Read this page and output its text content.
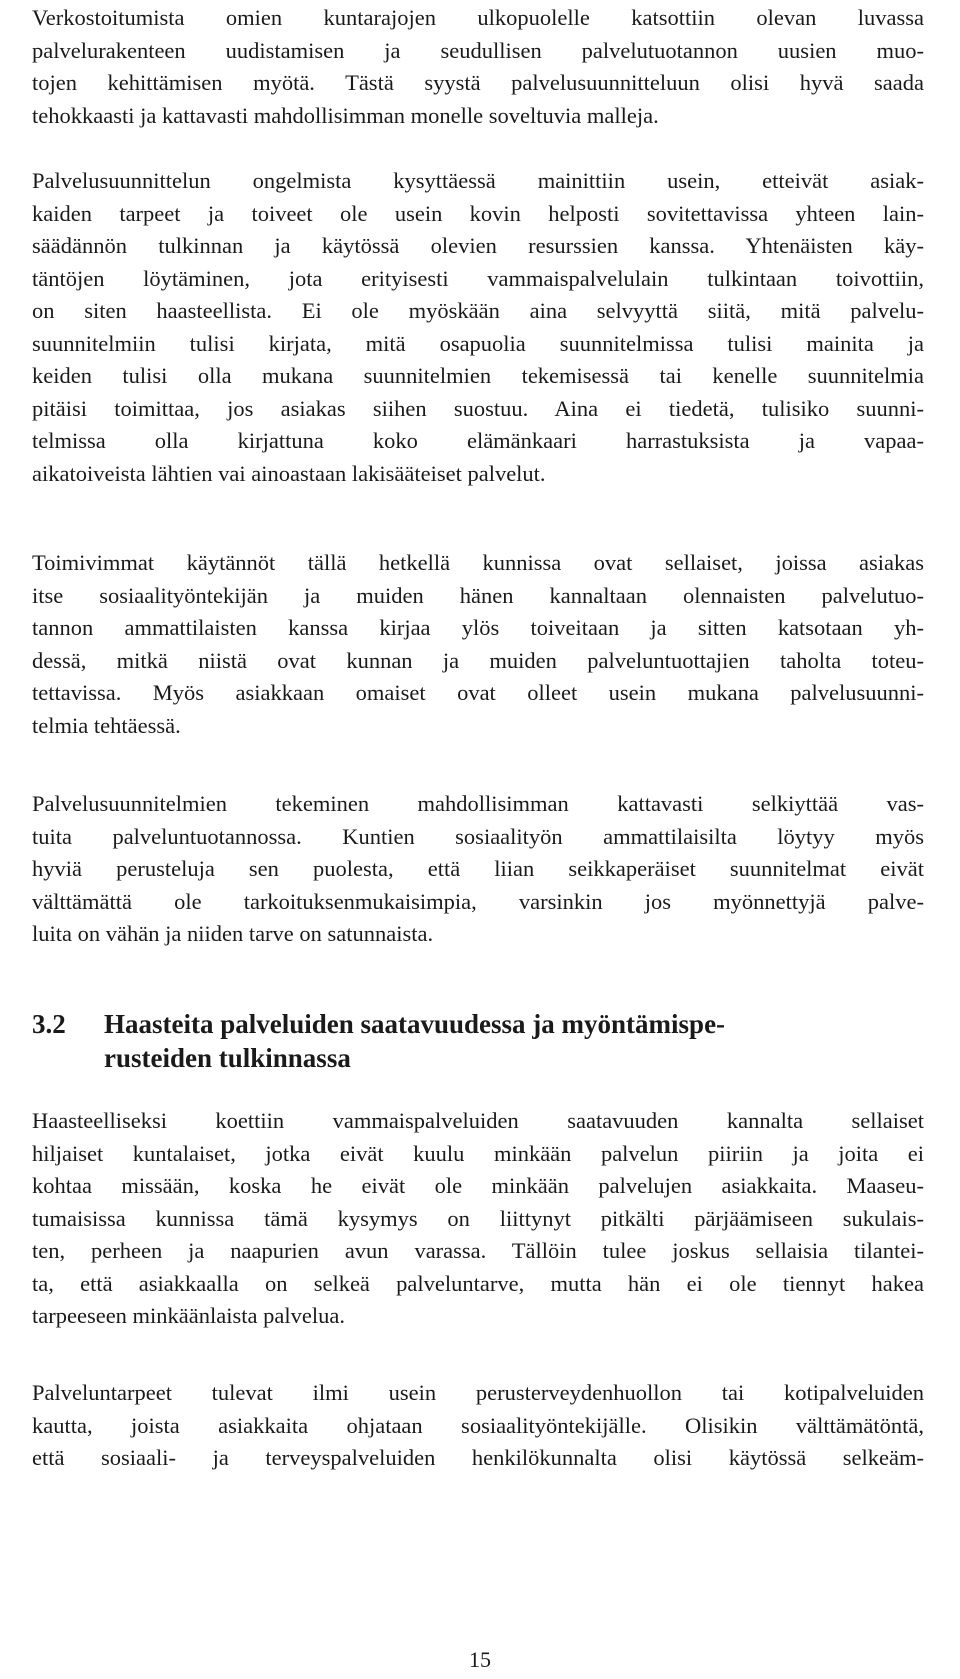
Verkostoitumista omien kuntarajojen ulkopuolelle katsottiin olevan luvassa
palvelurakenteen uudistamisen ja seudullisen palvelutuotannon uusien muo-
tojen kehittämisen myötä. Tästä syystä palvelusuunnitteluun olisi hyvä saada
tehokkaasti ja kattavasti mahdollisimman monelle soveltuvia malleja.

Palvelusuunnittelun ongelmista kysyttäessä mainittiin usein, etteivät asiak-
kaiden tarpeet ja toiveet ole usein kovin helposti sovitettavissa yhteen lain-
säädännön tulkinnan ja käytössä olevien resurssien kanssa. Yhtenäisten käy-
täntöjen löytäminen, jota erityisesti vammaispalvelulain tulkintaan toivottiin,
on siten haasteellista. Ei ole myöskään aina selvyyttä siitä, mitä palvelu-
suunnitelmiin tulisi kirjata, mitä osapuolia suunnitelmissa tulisi mainita ja
keiden tulisi olla mukana suunnitelmien tekemisessä tai kenelle suunnitelmia
pitäisi toimittaa, jos asiakas siihen suostuu. Aina ei tiedetä, tulisiko suunni-
telmissa olla kirjattuna koko elämänkaari harrastuksista ja vapaa-
aikatoiveista lähtien vai ainoastaan lakisääteiset palvelut.

Toimivimmat käytännöt tällä hetkellä kunnissa ovat sellaiset, joissa asiakas
itse sosiaalityöntekijän ja muiden hänen kannaltaan olennaisten palvelutuo-
tannon ammattilaisten kanssa kirjaa ylös toiveitaan ja sitten katsotaan yh-
dessä, mitkä niistä ovat kunnan ja muiden palveluntuottajien taholta toteu-
tettavissa. Myös asiakkaan omaiset ovat olleet usein mukana palvelusuunni-
telmia tehtäessä.

Palvelusuunnitelmien tekeminen mahdollisimman kattavasti selkiyttää vas-
tuita palveluntuotannossa. Kuntien sosiaalityön ammattilaisilta löytyy myös
hyviä perusteluja sen puolesta, että liian seikkaperäiset suunnitelmat eivät
välttämättä ole tarkoituksenmukaisimpia, varsinkin jos myönnettyjä palve-
luita on vähän ja niiden tarve on satunnaista.

3.2 Haasteita palveluiden saatavuudessa ja myöntämispe-
rusteiden tulkinnassa

Haasteelliseksi koettiin vammaispalveluiden saatavuuden kannalta sellaiset
hiljaiset kuntalaiset, jotka eivät kuulu minkään palvelun piiriin ja joita ei
kohtaa missään, koska he eivät ole minkään palvelujen asiakkaita. Maaseu-
tumaisissa kunnissa tämä kysymys on liittynyt pitkälti pärjäämiseen sukulais-
ten, perheen ja naapurien avun varassa. Tällöin tulee joskus sellaisia tilantei-
ta, että asiakkaalla on selkeä palveluntarve, mutta hän ei ole tiennyt hakea
tarpeeseen minkäänlaista palvelua.

Palveluntarpeet tulevat ilmi usein perusterveydenhuollon tai kotipalveluiden
kautta, joista asiakkaita ohjataan sosiaalityöntekijälle. Olisikin välttämätöntä,
että sosiaali- ja terveyspalveluiden henkilökunnalta olisi käytössä selkeäm-

15
